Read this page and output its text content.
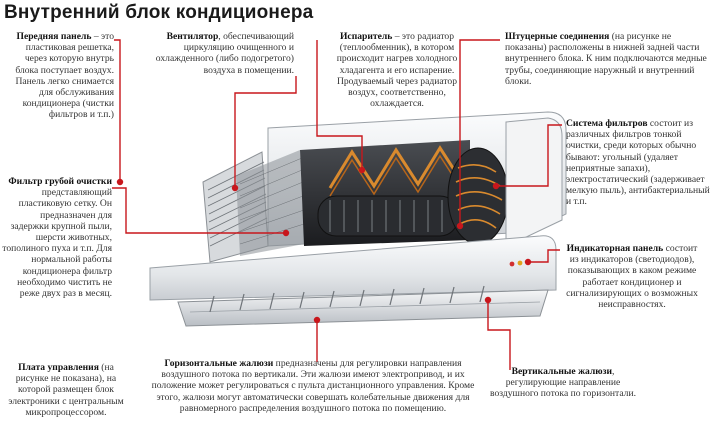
Внутренний блок кондиционера
Передняя панель – это пластиковая решетка, через которую внутрь блока поступает воздух. Панель легко снимается для обслуживания кондиционера (чистки фильтров и т.п.)
Вентилятор, обеспечивающий циркуляцию очищенного и охлажденного (либо подогретого) воздуха в помещении.
Испаритель – это радиатор (теплообменник), в котором происходит нагрев холодного хладагента и его испарение. Продуваемый через радиатор воздух, соответственно, охлаждается.
Штуцерные соединения (на рисунке не показаны) расположены в нижней задней части внутреннего блока. К ним подключаются медные трубы, соединяющие наружный и внутренний блоки.
Фильтр грубой очистки представляющий пластиковую сетку. Он предназначен для задержки крупной пыли, шерсти животных, тополиного пуха и т.п. Для нормальной работы кондиционера фильтр необходимо чистить не реже двух раз в месяц.
Система фильтров состоит из различных фильтров тонкой очистки, среди которых обычно бывают: угольный (удаляет неприятные запахи), электростатический (задерживает мелкую пыль), антибактериальный и т.п.
Индикаторная панель состоит из индикаторов (светодиодов), показывающих в каком режиме работает кондиционер и сигнализирующих о возможных неисправностях.
Плата управления (на рисунке не показана), на которой размещен блок электроники с центральным микропроцессором.
Горизонтальные жалюзи предназначены для регулировки направления воздушного потока по вертикали. Эти жалюзи имеют электропривод, и их положение может регулироваться с пульта дистанционного управления. Кроме этого, жалюзи могут автоматически совершать колебательные движения для равномерного распределения воздушного потока по помещению.
Вертикальные жалюзи, регулирующие направление воздушного потока по горизонтали.
